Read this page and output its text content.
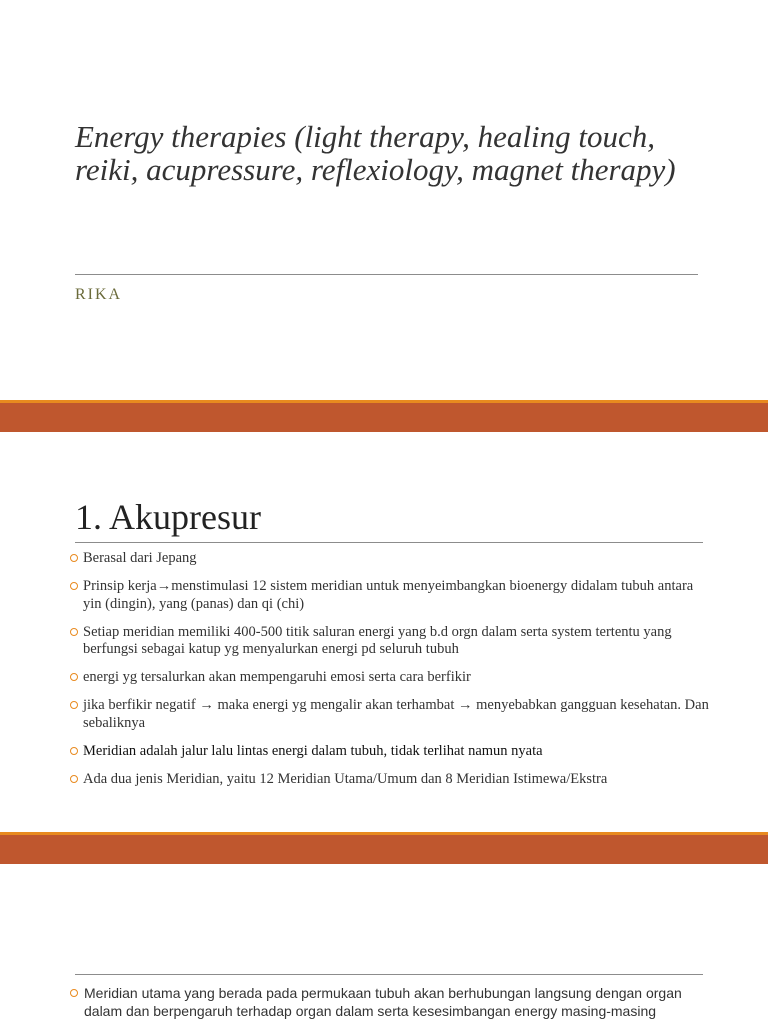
Energy therapies (light therapy, healing touch, reiki, acupressure, reflexiology, magnet therapy)
RIKA
1. Akupresur
Berasal dari Jepang
Prinsip kerja→menstimulasi 12 sistem meridian untuk menyeimbangkan bioenergy didalam tubuh antara yin (dingin), yang (panas) dan qi (chi)
Setiap meridian memiliki 400-500 titik saluran energi yang b.d orgn dalam serta system tertentu yang berfungsi sebagai katup yg menyalurkan energi pd seluruh tubuh
energi yg tersalurkan akan mempengaruhi emosi serta cara berfikir
jika berfikir negatif → maka energi yg mengalir akan terhambat → menyebabkan gangguan kesehatan. Dan sebaliknya
Meridian adalah jalur lalu lintas energi dalam tubuh, tidak terlihat namun nyata
Ada dua jenis Meridian, yaitu 12 Meridian Utama/Umum dan 8 Meridian Istimewa/Ekstra
Meridian utama yang berada pada permukaan tubuh akan berhubungan langsung dengan organ dalam dan berpengaruh terhadap organ dalam serta kesesimbangan energy masing-masing
